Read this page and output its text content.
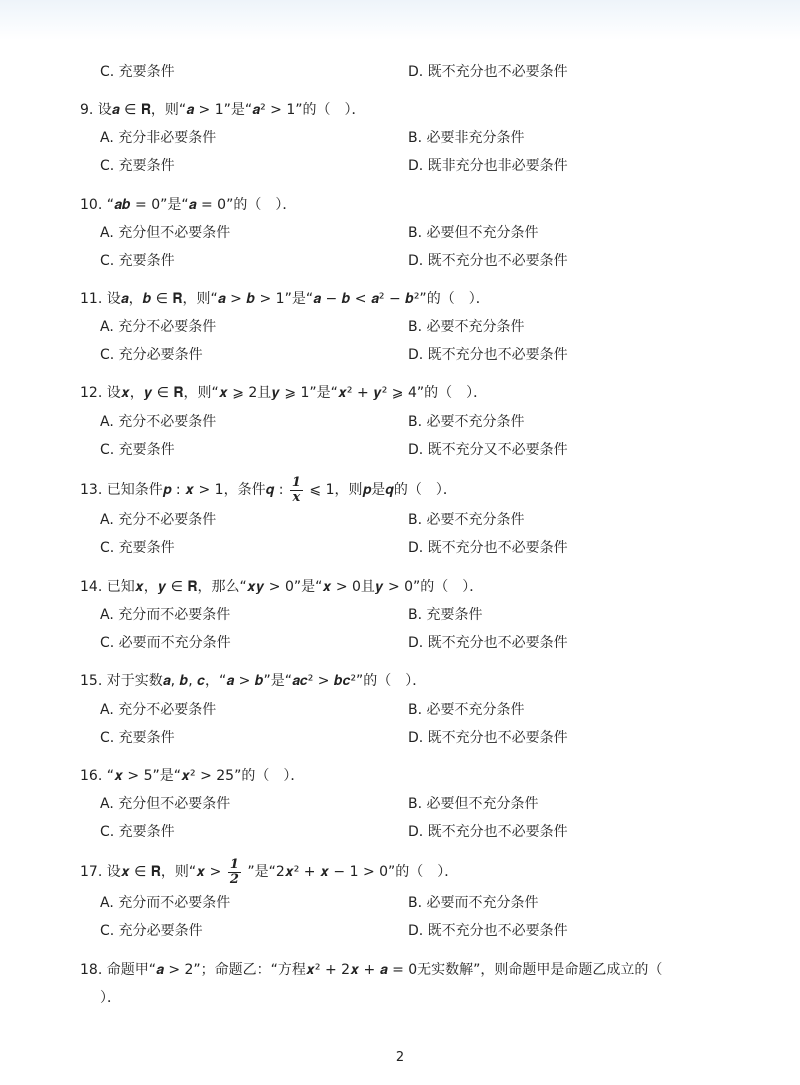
C. 充要条件	D. 既不充分也不必要条件
9. 设𝒂 ∈ 𝐑，则“𝒂 > 1”是“𝒂² > 1”的（　）．
A. 充分非必要条件	B. 必要非充分条件
C. 充要条件	D. 既非充分也非必要条件
10. “𝒂𝒃 = 0”是“𝒂 = 0”的（　）．
A. 充分但不必要条件	B. 必要但不充分条件
C. 充要条件	D. 既不充分也不必要条件
11. 设𝒂，𝒃 ∈ 𝐑，则“𝒂 > 𝒃 > 1”是“𝒂 − 𝒃 < 𝒂² − 𝒃²”的（　）．
A. 充分不必要条件	B. 必要不充分条件
C. 充分必要条件	D. 既不充分也不必要条件
12. 设𝒙，𝒚 ∈ 𝐑，则“𝒙 ⩾ 2且𝒚 ⩾ 1”是“𝒙² + 𝒚² ⩾ 4”的（　）．
A. 充分不必要条件	B. 必要不充分条件
C. 充要条件	D. 既不充分又不必要条件
13. 已知条件𝒑 : 𝒙 > 1，条件𝒒 : $\frac{1}{\text{𝒙}}$ ⩽ 1，则𝒑是𝒒的（　）．
A. 充分不必要条件	B. 必要不充分条件
C. 充要条件	D. 既不充分也不必要条件
14. 已知𝒙，𝒚 ∈ 𝐑，那么“𝒙𝒚 > 0”是“𝒙 > 0且𝒚 > 0”的（　）．
A. 充分而不必要条件	B. 充要条件
C. 必要而不充分条件	D. 既不充分也不必要条件
15. 对于实数𝒂, 𝒃, 𝒄，“𝒂 > 𝒃”是“𝒂𝒄² > 𝒃𝒄²”的（　）．
A. 充分不必要条件	B. 必要不充分条件
C. 充要条件	D. 既不充分也不必要条件
16. “𝒙 > 5”是“𝒙² > 25”的（　）．
A. 充分但不必要条件	B. 必要但不充分条件
C. 充要条件	D. 既不充分也不必要条件
17. 设𝒙 ∈ 𝐑，则“𝒙 > $\frac{1}{2}$ ”是“2𝒙² + 𝒙 − 1 > 0”的（　）．
A. 充分而不必要条件	B. 必要而不充分条件
C. 充分必要条件	D. 既不充分也不必要条件
18. 命题甲“𝒂 > 2”；命题乙：“方程𝒙² + 2𝒙 + 𝒂 = 0无实数解”，则命题甲是命题乙成立的（
）．
2
